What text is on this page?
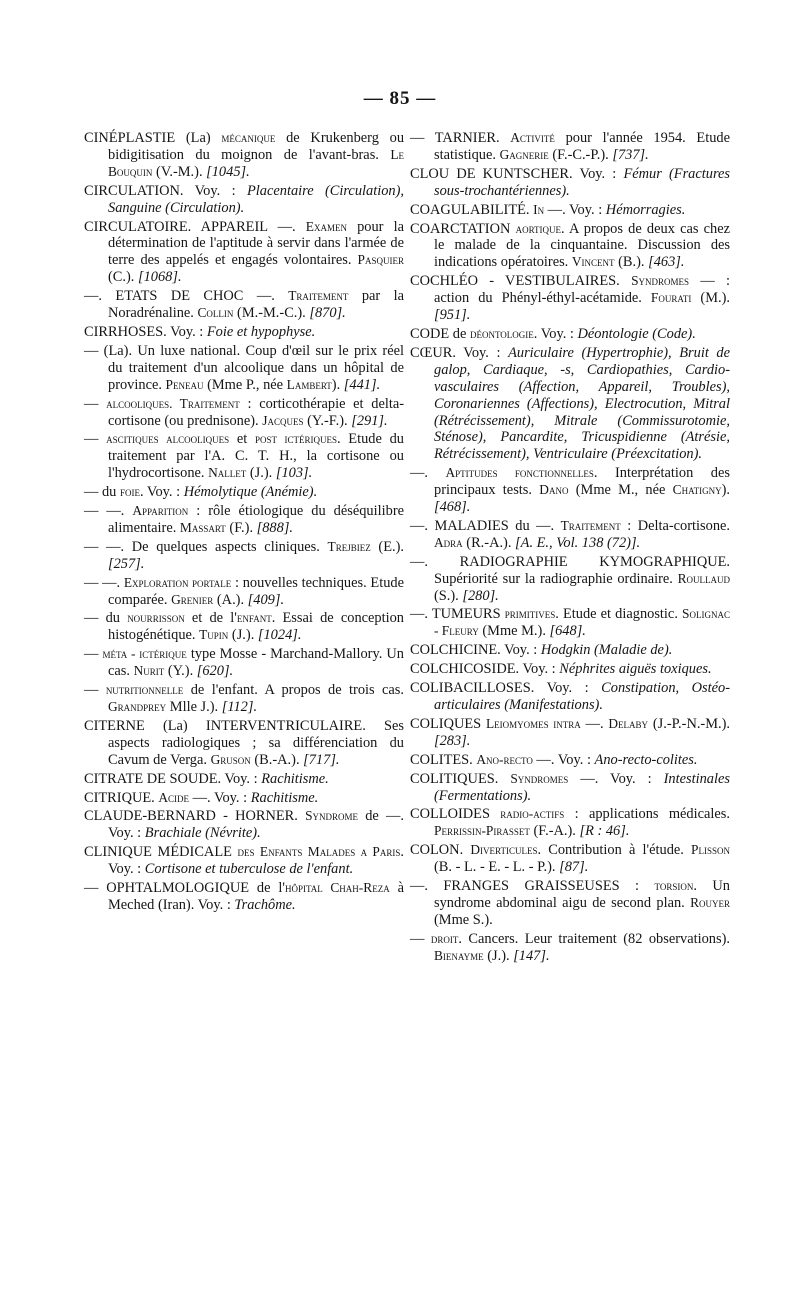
— 85 —

CINÉPLASTIE (La) mécanique de Krukenberg ou bidigitisation du moignon de l'avant-bras. Le Bouquin (V.-M.). [1045].

CIRCULATION. Voy. : Placentaire (Circulation), Sanguine (Circulation).

CIRCULATOIRE. APPAREIL —. Examen pour la détermination de l'aptitude à servir dans l'armée de terre des appelés et engagés volontaires. Pasquier (C.). [1068].

—. ETATS DE CHOC —. Traitement par la Noradrénaline. Collin (M.-M.-C.). [870].

CIRRHOSES. Voy. : Foie et hypophyse.

— (La). Un luxe national. Coup d'œil sur le prix réel du traitement d'un alcoolique dans un hôpital de province. Peneau (Mme P., née Lambert). [441].

— alcooliques. Traitement : corticothérapie et delta-cortisone (ou prednisone). Jacques (Y.-F.). [291].

— ascitiques alcooliques et post ictériques. Etude du traitement par l'A. C. T. H., la cortisone ou l'hydrocortisone. Nallet (J.). [103].

— du foie. Voy. : Hémolytique (Anémie).

— —. Apparition : rôle étiologique du déséquilibre alimentaire. Massart (F.). [888].

— —. De quelques aspects cliniques. Trejbiez (E.). [257].

— —. Exploration portale : nouvelles techniques. Etude comparée. Grenier (A.). [409].

— du nourrisson et de l'enfant. Essai de conception histogénétique. Tupin (J.). [1024].

— méta - ictérique type Mosse - Marchand-Mallory. Un cas. Nurit (Y.). [620].

— nutritionnelle de l'enfant. A propos de trois cas. Grandprey Mlle J.). [112].

CITERNE (La) INTERVENTRICULAIRE. Ses aspects radiologiques ; sa différenciation du Cavum de Verga. Gruson (B.-A.). [717].

CITRATE DE SOUDE. Voy. : Rachitisme.

CITRIQUE. Acide —. Voy. : Rachitisme.

CLAUDE-BERNARD - HORNER. Syndrome de —. Voy. : Brachiale (Névrite).

CLINIQUE MÉDICALE des Enfants Malades a Paris. Voy. : Cortisone et tuberculose de l'enfant.

— OPHTALMOLOGIQUE de l'hôpital Chah-Reza à Meched (Iran). Voy. : Trachôme.

— TARNIER. Activité pour l'année 1954. Etude statistique. Gagnerie (F.-C.-P.). [737].

CLOU DE KUNTSCHER. Voy. : Fémur (Fractures sous-trochantériennes).

COAGULABILITÉ. In —. Voy. : Hémorragies.

COARCTATION aortique. A propos de deux cas chez le malade de la cinquantaine. Discussion des indications opératoires. Vincent (B.). [463].

COCHLÉO - VESTIBULAIRES. Syndromes — : action du Phényl-éthyl-acétamide. Fourati (M.). [951].

CODE de déontologie. Voy. : Déontologie (Code).

CŒUR. Voy. : Auriculaire (Hypertrophie), Bruit de galop, Cardiaque, -s, Cardiopathies, Cardio-vasculaires (Affection, Appareil, Troubles), Coronariennes (Affections), Electrocution, Mitral (Rétrécissement), Mitrale (Commissurotomie, Sténose), Pancardite, Tricuspidienne (Atrésie, Rétrécissement), Ventriculaire (Préexcitation).

—. Aptitudes fonctionnelles. Interprétation des principaux tests. Dano (Mme M., née Chatigny). [468].

—. MALADIES du —. Traitement : Delta-cortisone. Adra (R.-A.). [A. E., Vol. 138 (72)].

—. RADIOGRAPHIE KYMOGRAPHIQUE. Supériorité sur la radiographie ordinaire. Roullaud (S.). [280].

—. TUMEURS primitives. Etude et diagnostic. Solignac - Fleury (Mme M.). [648].

COLCHICINE. Voy. : Hodgkin (Maladie de).

COLCHICOSIDE. Voy. : Néphrites aiguës toxiques.

COLIBACILLOSES. Voy. : Constipation, Ostéo-articulaires (Manifestations).

COLIQUES Leiomyomes intra —. Delaby (J.-P.-N.-M.). [283].

COLITES. Ano-recto —. Voy. : Ano-recto-colites.

COLITIQUES. Syndromes —. Voy. : Intestinales (Fermentations).

COLLOIDES radio-actifs : applications médicales. Perrissin-Pirasset (F.-A.). [R : 46].

COLON. Diverticules. Contribution à l'étude. Plisson (B. - L. - E. - L. - P.). [87].

—. FRANGES GRAISSEUSES : torsion. Un syndrome abdominal aigu de second plan. Rouyer (Mme S.).

— droit. Cancers. Leur traitement (82 observations). Bienayme (J.). [147].
